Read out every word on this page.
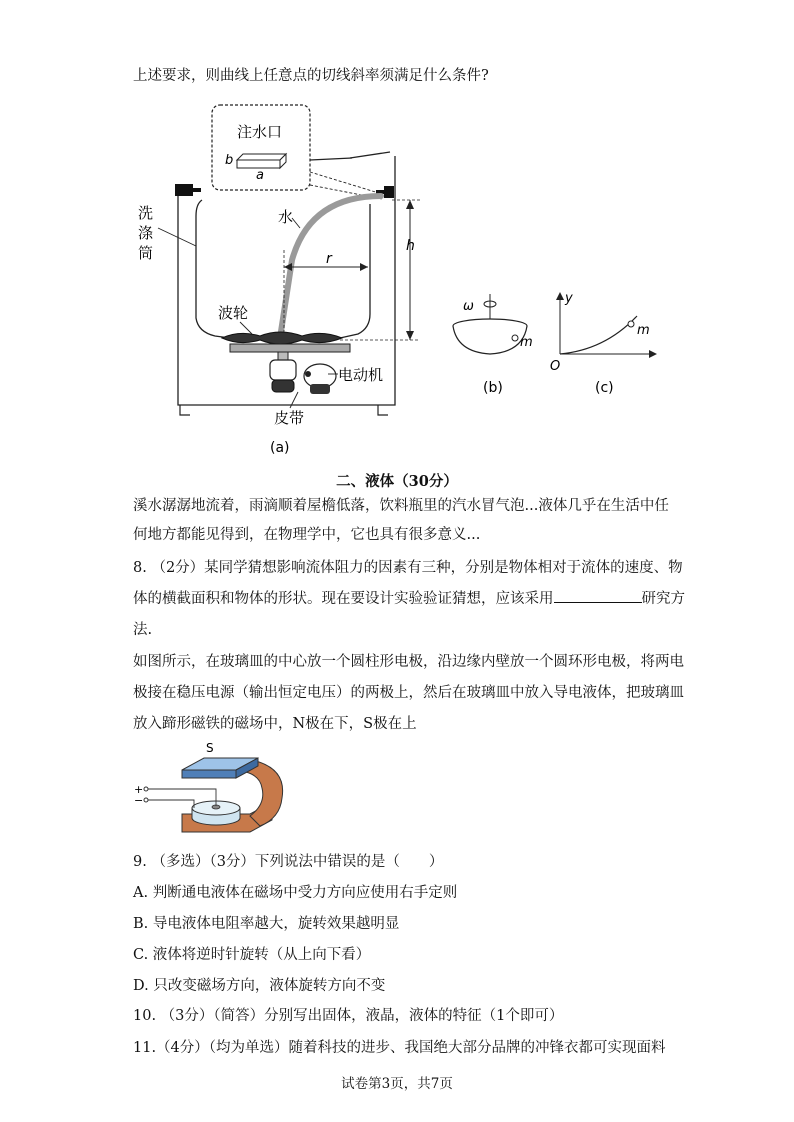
上述要求，则曲线上任意点的切线斜率须满足什么条件?
注水口
b
a
水
r
h
波轮
电动机
皮带
洗
涤
筒
(a)
ω
m
(b)
y
O
m
(c)
二、液体（30分）
溪水潺潺地流着，雨滴顺着屋檐低落，饮料瓶里的汽水冒气泡...液体几乎在生活中任
何地方都能见得到，在物理学中，它也具有很多意义...
8. （2分）某同学猜想影响流体阻力的因素有三种，分别是物体相对于流体的速度、物
体的横截面积和物体的形状。现在要设计实验验证猜想，应该采用	研究方
法.
如图所示，在玻璃皿的中心放一个圆柱形电极，沿边缘内壁放一个圆环形电极，将两电
极接在稳压电源（输出恒定电压）的两极上，然后在玻璃皿中放入导电液体，把玻璃皿
放入蹄形磁铁的磁场中，N极在下，S极在上
S
+
−
9. （多选）（3分）下列说法中错误的是（　　）
A. 判断通电液体在磁场中受力方向应使用右手定则
B. 导电液体电阻率越大，旋转效果越明显
C. 液体将逆时针旋转（从上向下看）
D. 只改变磁场方向，液体旋转方向不变
10. （3分）（简答）分别写出固体，液晶，液体的特征（1个即可）
11.（4分）（均为单选）随着科技的进步、我国绝大部分品牌的冲锋衣都可实现面料
试卷第3页，共7页
